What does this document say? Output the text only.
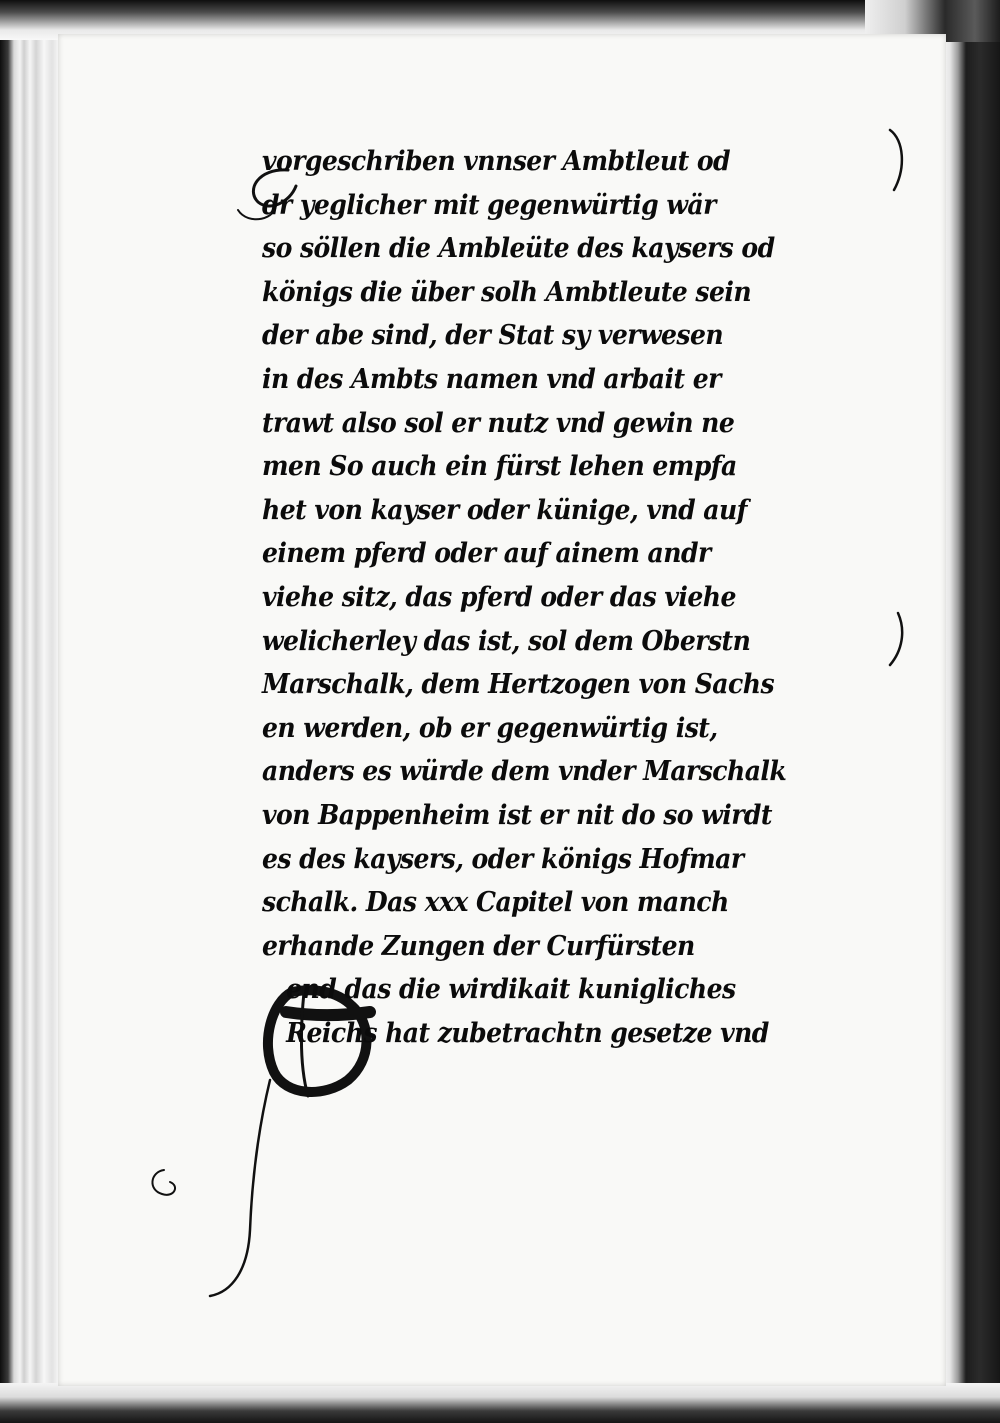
vorgeschriben vnnser Ambtleut od
dr yeglicher mit gegenwürtig wär
so söllen die Ambleüte des kaysers od
königs die über solh Ambtleute sein
der abe sind, der Stat sy verwesen
in des Ambts namen vnd arbait er
trawt also sol er nutz vnd gewin ne
men So auch ein fürst lehen empfa
het von kayser oder künige, vnd auf
einem pferd oder auf ainem andr
viehe sitz, das pferd oder das viehe
welicherley das ist, sol dem Oberstn
Marschalk, dem Hertzogen von Sachs
en werden, ob er gegenwürtig ist,
anders es würde dem vnder Marschalk
von Bappenheim ist er nit do so wirdt
es des kaysers, oder königs Hofmar
schalk. Das xxx Capitel von manch
erhande Zungen der Curfürsten
end das die wirdikait kunigliches
Reichs hat zubetrachtn gesetze vnd
